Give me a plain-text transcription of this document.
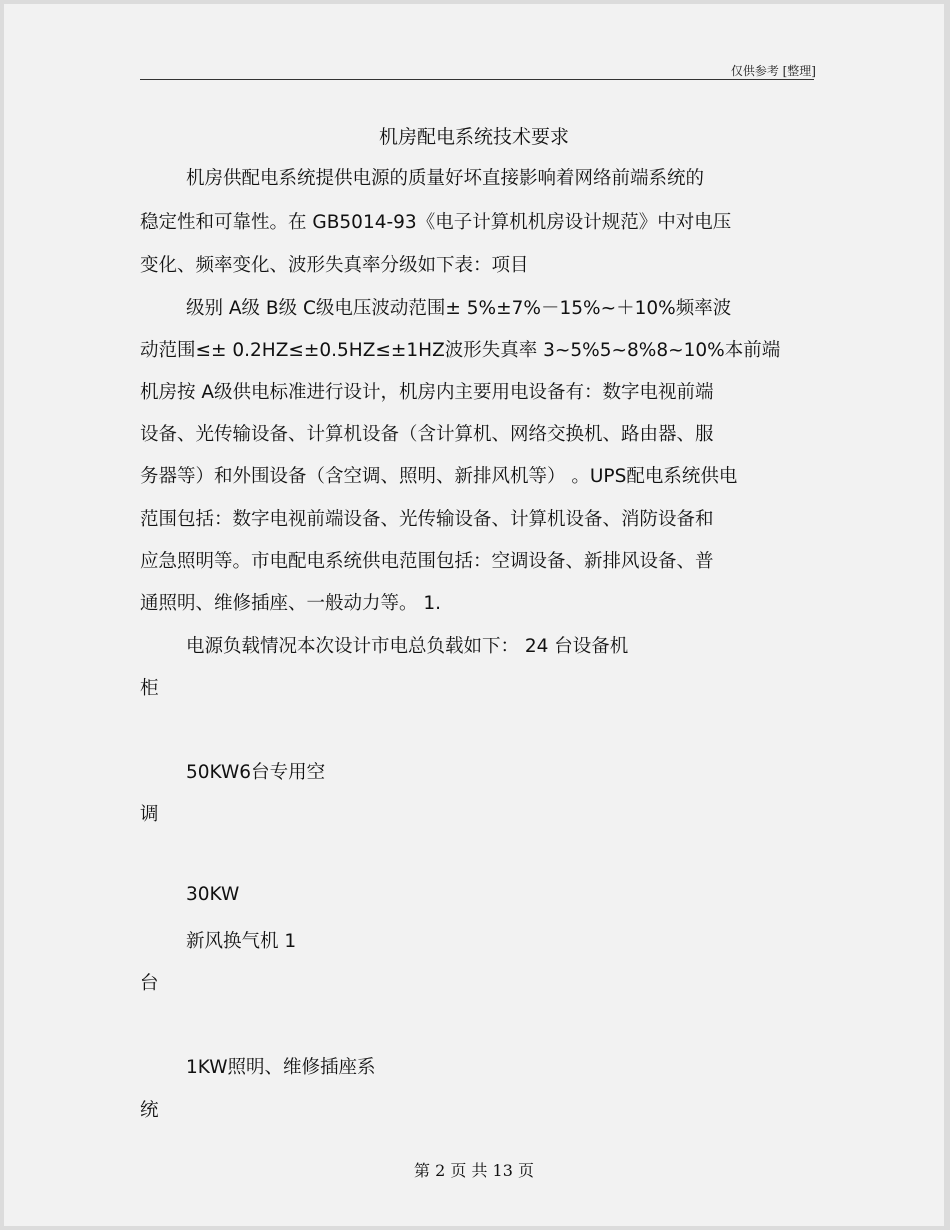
仅供参考 [整理]
机房配电系统技术要求
机房供配电系统提供电源的质量好坏直接影响着网络前端系统的
稳定性和可靠性。在 GB5014-93《电子计算机机房设计规范》中对电压
变化、频率变化、波形失真率分级如下表：项目
级别 A级 B级 C级电压波动范围± 5%±7%－15%~＋10%频率波
动范围≤± 0.2HZ≤±0.5HZ≤±1HZ波形失真率 3~5%5~8%8~10%本前端
机房按 A级供电标准进行设计，机房内主要用电设备有：数字电视前端
设备、光传输设备、计算机设备（含计算机、网络交换机、路由器、服
务器等）和外围设备（含空调、照明、新排风机等） 。UPS配电系统供电
范围包括：数字电视前端设备、光传输设备、计算机设备、消防设备和
应急照明等。市电配电系统供电范围包括：空调设备、新排风设备、普
通照明、维修插座、一般动力等。 1.
电源负载情况本次设计市电总负载如下： 24 台设备机
柜
50KW6台专用空
调
30KW
新风换气机 1
台
1KW照明、维修插座系
统
第 2 页 共 13 页
